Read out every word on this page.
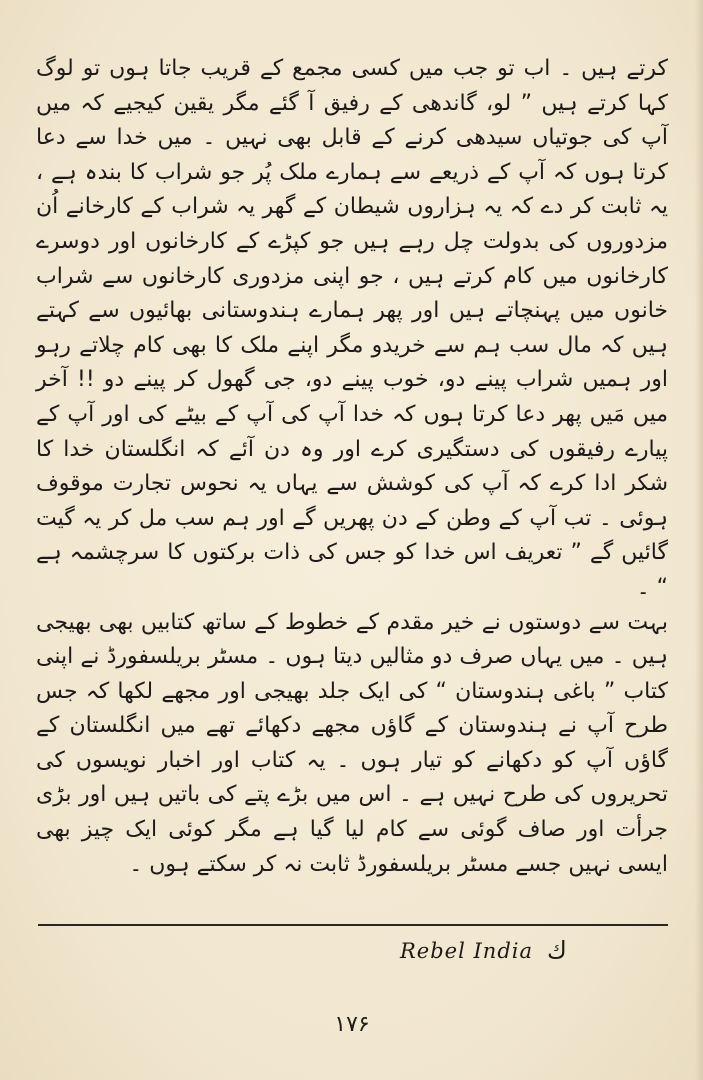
کرتے ہیں ۔ اب تو جب میں کسی مجمع کے قریب جاتا ہوں تو لوگ کہا کرتے ہیں ” لو، گاندھی کے رفیق آ گئے مگر یقین کیجیے کہ میں آپ کی جوتیاں سیدھی کرنے کے قابل بھی نہیں ۔ میں خدا سے دعا کرتا ہوں کہ آپ کے ذریعے سے ہمارے ملک پُر جو شراب کا بندہ ہے ، یہ ثابت کر دے کہ یہ ہزاروں شیطان کے گھر یہ شراب کے کارخانے اُن مزدوروں کی بدولت چل رہے ہیں جو کپڑے کے کارخانوں اور دوسرے کارخانوں میں کام کرتے ہیں ، جو اپنی مزدوری کارخانوں سے شراب خانوں میں پہنچاتے ہیں اور پھر ہمارے ہندوستانی بھائیوں سے کہتے ہیں کہ مال سب ہم سے خریدو مگر اپنے ملک کا بھی کام چلاتے رہو اور ہمیں شراب پینے دو، خوب پینے دو، جی گھول کر پینے دو !! آخر میں مَیں پھر دعا کرتا ہوں کہ خدا آپ کی آپ کے بیٹے کی اور آپ کے پیارے رفیقوں کی دستگیری کرے اور وہ دن آئے کہ انگلستان خدا کا شکر ادا کرے کہ آپ کی کوشش سے یہاں یہ نحوس تجارت موقوف ہوئی ۔ تب آپ کے وطن کے دن پھریں گے اور ہم سب مل کر یہ گیت گائیں گے ” تعریف اس خدا کو جس کی ذات برکتوں کا سرچشمہ ہے “ ۔

بہت سے دوستوں نے خیر مقدم کے خطوط کے ساتھ کتابیں بھی بھیجی ہیں ۔ میں یہاں صرف دو مثالیں دیتا ہوں ۔ مسٹر بریلسفورڈ نے اپنی کتاب ” باغی ہندوستان “ کی ایک جلد بھیجی اور مجھے لکھا کہ جس طرح آپ نے ہندوستان کے گاؤں مجھے دکھائے تھے میں انگلستان کے گاؤں آپ کو دکھانے کو تیار ہوں ۔ یہ کتاب اور اخبار نویسوں کی تحریروں کی طرح نہیں ہے ۔ اس میں بڑے پتے کی باتیں ہیں اور بڑی جرأت اور صاف گوئی سے کام لیا گیا ہے مگر کوئی ایک چیز بھی ایسی نہیں جسے مسٹر بریلسفورڈ ثابت نہ کر سکتے ہوں ۔

Rebel India ك
۱۷۶
